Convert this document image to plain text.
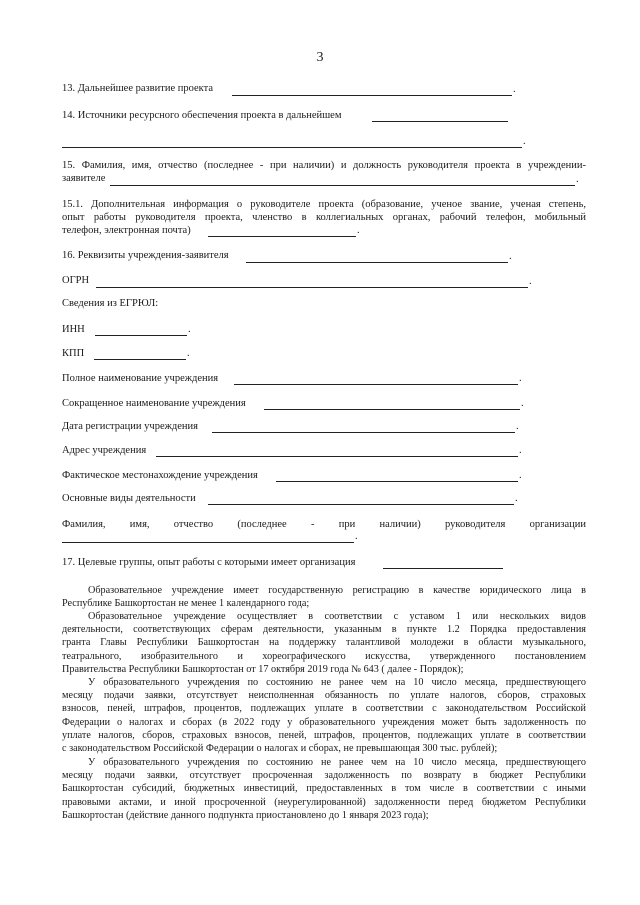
3
13. Дальнейшее развитие проекта	.
14. Источники ресурсного обеспечения проекта в дальнейшем
.
15. Фамилия, имя, отчество (последнее - при наличии) и должность руководителя проекта в учреждении-
заявителе	.
15.1. Дополнительная информация о руководителе проекта (образование, ученое звание, ученая степень,
опыт работы руководителя проекта, членство в коллегиальных органах, рабочий телефон, мобильный
телефон, электронная почта)	.
16. Реквизиты учреждения-заявителя	.
ОГРН	.
Сведения из ЕГРЮЛ:
ИНН	.
КПП	.
Полное наименование учреждения	.
Сокращенное наименование учреждения	.
Дата регистрации учреждения	.
Адрес учреждения	.
Фактическое местонахождение учреждения	.
Основные виды деятельности	.
Фамилия, имя, отчество (последнее - при наличии) руководителя организации
.
17. Целевые группы, опыт работы с которыми имеет организация
Образовательное учреждение имеет государственную регистрацию в качестве юридического лица в
Республике Башкортостан не менее 1 календарного года;
Образовательное учреждение осуществляет в соответствии с уставом 1 или нескольких видов
деятельности, соответствующих сферам деятельности, указанным в пункте 1.2 Порядка предоставления
гранта Главы Республики Башкортостан на поддержку талантливой молодежи в области музыкального,
театрального, изобразительного и хореографического искусства, утвержденного постановлением
Правительства Республики Башкортостан от 17 октября 2019 года № 643 ( далее - Порядок);
У образовательного учреждения по состоянию не ранее чем на 10 число месяца, предшествующего
месяцу подачи заявки, отсутствует неисполненная обязанность по уплате налогов, сборов, страховых
взносов, пеней, штрафов, процентов, подлежащих уплате в соответствии с законодательством Российской
Федерации о налогах и сборах (в 2022 году у образовательного учреждения может быть задолженность по
уплате налогов, сборов, страховых взносов, пеней, штрафов, процентов, подлежащих уплате в соответствии
с законодательством Российской Федерации о налогах и сборах, не превышающая 300 тыс. рублей);
У образовательного учреждения по состоянию не ранее чем на 10 число месяца, предшествующего
месяцу подачи заявки, отсутствует просроченная задолженность по возврату в бюджет Республики
Башкортостан субсидий, бюджетных инвестиций, предоставленных в том числе в соответствии с иными
правовыми актами, и иной просроченной (неурегулированной) задолженности перед бюджетом Республики
Башкортостан (действие данного подпункта приостановлено до 1 января 2023 года);
